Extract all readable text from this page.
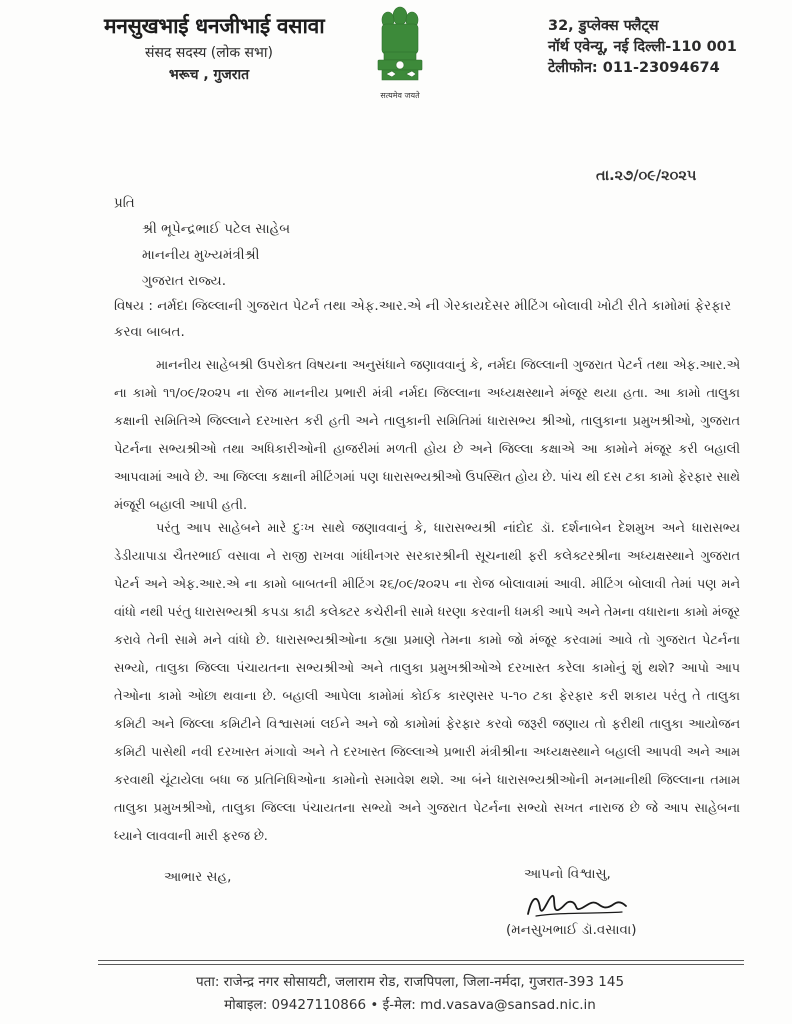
मनसुखभाई धनजीभाई वसावा
संसद सदस्य (लोक सभा)
भरूच , गुजरात
सत्यमेव जयते
32, डुप्लेक्स फ्लैट्स
नॉर्थ एवेन्यू, नई दिल्ली-110 001
टेलीफोन: 011-23094674
તા.૨૭/૦૯/૨૦૨૫
પ્રતિ
શ્રી ભૂપેન્દ્રભાઈ પટેલ સાહેબ
માનનીય મુખ્યમંત્રીશ્રી
ગુજરાત રાજ્ય.
વિષય : નર્મદા જિલ્લાની ગુજરાત પેટર્ન તથા એફ.આર.એ ની ગેરકાયદેસર મીટિંગ બોલાવી ખોટી રીતે કામોમાં ફેરફાર કરવા બાબત.
માનનીય સાહેબશ્રી ઉપરોક્ત વિષયના અનુસંધાને જણાવવાનું કે, નર્મદા જિલ્લાની ગુજરાત પેટર્ન તથા એફ.આર.એ ના કામો ૧૧/૦૯/૨૦૨૫ ના રોજ માનનીય પ્રભારી મંત્રી નર્મદા જિલ્લાના અધ્યક્ષસ્થાને મંજૂર થયા હતા. આ કામો તાલુકા કક્ષાની સમિતિએ જિલ્લાને દરખાસ્ત કરી હતી અને તાલુકાની સમિતિમાં ધારાસભ્ય શ્રીઓ, તાલુકાના પ્રમુખશ્રીઓ, ગુજરાત પેટર્નના સભ્યશ્રીઓ તથા અધિકારીઓની હાજરીમાં મળતી હોય છે અને જિલ્લા કક્ષાએ આ કામોને મંજૂર કરી બહાલી આપવામાં આવે છે. આ જિલ્લા કક્ષાની મીટિંગમાં પણ ધારાસભ્યશ્રીઓ ઉપસ્થિત હોય છે. પાંચ થી દસ ટકા કામો ફેરફાર સાથે મંજૂરી બહાલી આપી હતી.
પરંતુ આપ સાહેબને મારે દુઃખ સાથે જણાવવાનું કે, ધારાસભ્યશ્રી નાંદોદ ડૉ. દર્શનાબેન દેશમુખ અને ધારાસભ્ય ડેડીયાપાડા ચૈતરભાઈ વસાવા ને રાજી રાખવા ગાંધીનગર સરકારશ્રીની સૂચનાથી ફરી કલેક્ટરશ્રીના અધ્યક્ષસ્થાને ગુજરાત પેટર્ન અને એફ.આર.એ ના કામો બાબતની મીટિંગ ૨૬/૦૯/૨૦૨૫ ના રોજ બોલાવામાં આવી. મીટિંગ બોલાવી તેમાં પણ મને વાંધો નથી પરંતુ ધારાસભ્યશ્રી કપડા કાઢી કલેક્ટર કચેરીની સામે ધરણા કરવાની ધમકી આપે અને તેમના વધારાના કામો મંજૂર કરાવે તેની સામે મને વાંધો છે. ધારાસભ્યશ્રીઓના કહ્યા પ્રમાણે તેમના કામો જો મંજૂર કરવામાં આવે તો ગુજરાત પેટર્નના સભ્યો, તાલુકા જિલ્લા પંચાયતના સભ્યશ્રીઓ અને તાલુકા પ્રમુખશ્રીઓએ દરખાસ્ત કરેલા કામોનું શું થશે? આપો આપ તેઓના કામો ઓછા થવાના છે. બહાલી આપેલા કામોમાં કોઈક કારણસર ૫-૧૦ ટકા ફેરફાર કરી શકાય પરંતુ તે તાલુકા કમિટી અને જિલ્લા કમિટીને વિશ્વાસમાં લઈને અને જો કામોમાં ફેરફાર કરવો જરૂરી જણાય તો ફરીથી તાલુકા આયોજન કમિટી પાસેથી નવી દરખાસ્ત મંગાવો અને તે દરખાસ્ત જિલ્લાએ પ્રભારી મંત્રીશ્રીના અધ્યક્ષસ્થાને બહાલી આપવી અને આમ કરવાથી ચૂંટાયેલા બધા જ પ્રતિનિધિઓના કામોનો સમાવેશ થશે. આ બંને ધારાસભ્યશ્રીઓની મનમાનીથી જિલ્લાના તમામ તાલુકા પ્રમુખશ્રીઓ, તાલુકા જિલ્લા પંચાયતના સભ્યો અને ગુજરાત પેટર્નના સભ્યો સખત નારાજ છે જે આપ સાહેબના ધ્યાને લાવવાની મારી ફરજ છે.
આભાર સહ,	આપનો વિશ્વાસુ,
(મનસુખભાઈ ડૉ.વસાવા)
पता: राजेन्द्र नगर सोसायटी, जलाराम रोड, राजपिपला, जिला-नर्मदा, गुजरात-393 145
मोबाइल: 09427110866 • ई-मेल: md.vasava@sansad.nic.in
